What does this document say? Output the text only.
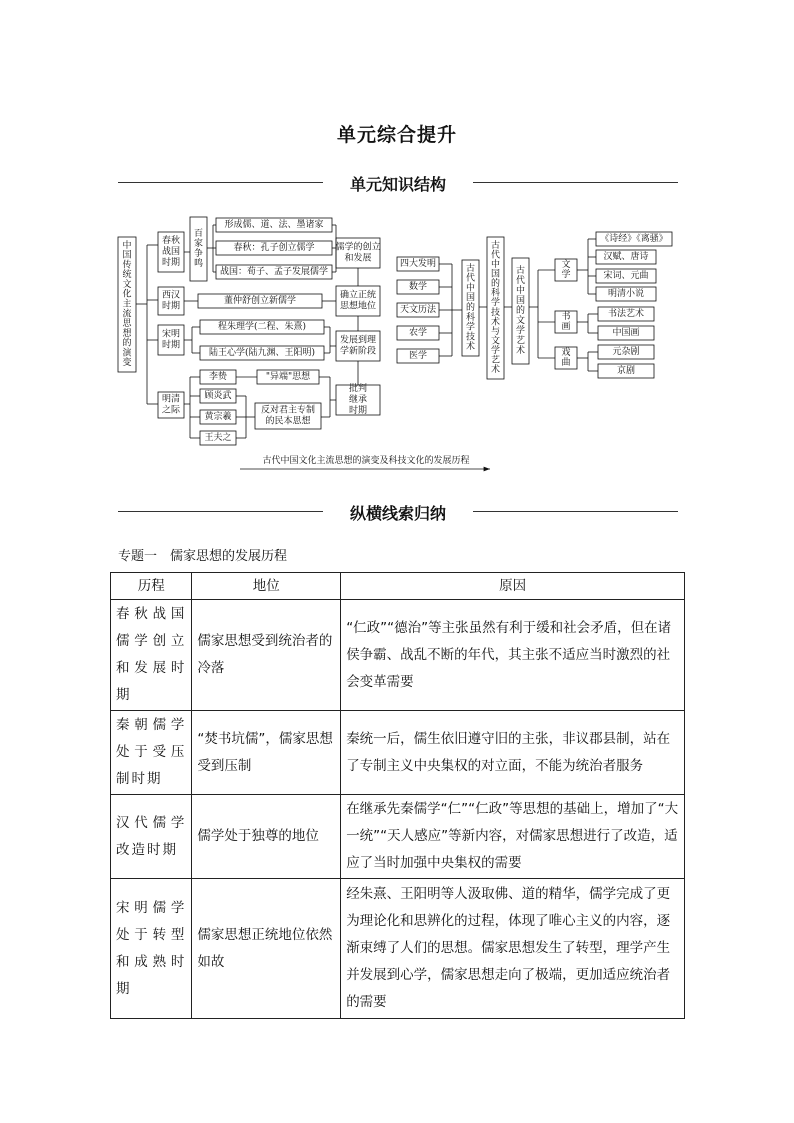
单元综合提升
单元知识结构
中国传统文化主流思想的演变
春秋战国时期
西汉时期
宋明时期
明清之际
百家争鸣
形成儒、道、法、墨诸家
春秋：孔子创立儒学
战国：荀子、孟子发展儒学
董仲舒创立新儒学
程朱理学(二程、朱熹)
陆王心学(陆九渊、王阳明)
李贽
顾炎武
黄宗羲
王夫之
"异端"思想
反对君主专制的民本思想
儒学的创立和发展
确立正统思想地位
发展到理学新阶段
批判继承时期
古代中国文化主流思想的演变及科技文化的发展历程
四大发明
数学
天文历法
农学
医学
古代中国的科学技术
古代中国的科学技术与文学艺术
古代中国的文学艺术
文学
书画
戏曲
《诗经》《离骚》
汉赋、唐诗
宋词、元曲
明清小说
书法艺术
中国画
元杂剧
京剧
纵横线索归纳
专题一　儒家思想的发展历程
历程	地位	原因
春秋战国儒学创立和发展时期	儒家思想受到统治者的冷落	“仁政”“德治”等主张虽然有利于缓和社会矛盾，但在诸侯争霸、战乱不断的年代，其主张不适应当时激烈的社会变革需要
秦朝儒学处于受压制时期	“焚书坑儒”，儒家思想受到压制	秦统一后，儒生依旧遵守旧的主张，非议郡县制，站在了专制主义中央集权的对立面，不能为统治者服务
汉代儒学改造时期	儒学处于独尊的地位	在继承先秦儒学“仁”“仁政”等思想的基础上，增加了“大一统”“天人感应”等新内容，对儒家思想进行了改造，适应了当时加强中央集权的需要
宋明儒学处于转型和成熟时期	儒家思想正统地位依然如故	经朱熹、王阳明等人汲取佛、道的精华，儒学完成了更为理论化和思辨化的过程，体现了唯心主义的内容，逐渐束缚了人们的思想。儒家思想发生了转型，理学产生并发展到心学，儒家思想走向了极端，更加适应统治者的需要
